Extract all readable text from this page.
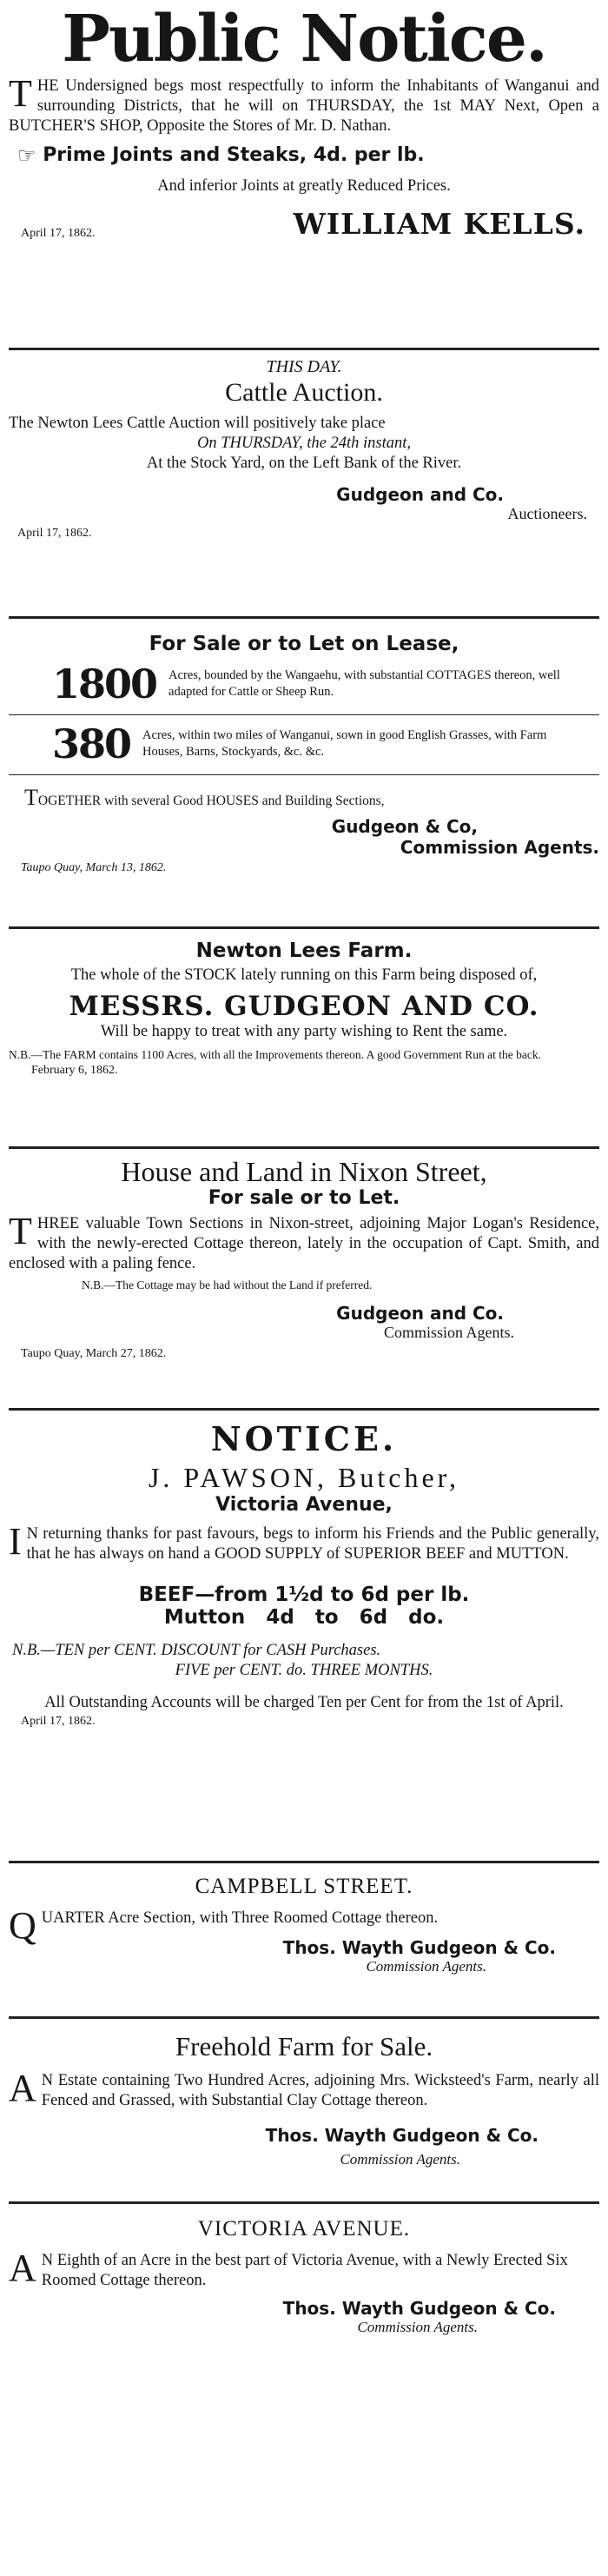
Public Notice.

THE Undersigned begs most respectfully to inform the Inhabitants of Wanganui and surrounding Districts, that he will on THURSDAY, the 1st MAY Next, Open a BUTCHER'S SHOP, Opposite the Stores of Mr. D. Nathan.

☞ Prime Joints and Steaks, 4d. per lb.

And inferior Joints at greatly Reduced Prices.

April 17, 1862.	WILLIAM KELLS.

THIS DAY.

Cattle Auction.

The Newton Lees Cattle Auction will positively take place

On THURSDAY, the 24th instant,

At the Stock Yard, on the Left Bank of the River.

Gudgeon and Co.

Auctioneers.

April 17, 1862.

For Sale or to Let on Lease,

1800 Acres, bounded by the Wangaehu, with substantial COTTAGES thereon, well adapted for Cattle or Sheep Run.
380 Acres, within two miles of Wanganui, sown in good English Grasses, with Farm Houses, Barns, Stockyards, &c. &c.

TOGETHER with several Good HOUSES and Building Sections,

Gudgeon & Co,

Commission Agents.

Taupo Quay, March 13, 1862.

Newton Lees Farm.

The whole of the STOCK lately running on this Farm being disposed of,

MESSRS. GUDGEON AND CO.

Will be happy to treat with any party wishing to Rent the same.

N.B.—The FARM contains 1100 Acres, with all the Improvements thereon. A good Government Run at the back.

February 6, 1862.

House and Land in Nixon Street,

For sale or to Let.

THREE valuable Town Sections in Nixon-street, adjoining Major Logan's Residence, with the newly-erected Cottage thereon, lately in the occupation of Capt. Smith, and enclosed with a paling fence.

N.B.—The Cottage may be had without the Land if preferred.

Gudgeon and Co.

Commission Agents.

Taupo Quay, March 27, 1862.

NOTICE.

J. PAWSON, Butcher,

Victoria Avenue,

I N returning thanks for past favours, begs to inform his Friends and the Public generally, that he has always on hand a GOOD SUPPLY of SUPERIOR BEEF and MUTTON.

BEEF—from 1½d to 6d per lb.

Mutton   4d   to   6d   do.

N.B.—TEN per CENT. DISCOUNT for CASH Purchases.

FIVE per CENT. do. THREE MONTHS.

All Outstanding Accounts will be charged Ten per Cent for from the 1st of April.

April 17, 1862.

CAMPBELL STREET.

QUARTER Acre Section, with Three Roomed Cottage thereon.

Thos. Wayth Gudgeon & Co.

Commission Agents.

Freehold Farm for Sale.

A N Estate containing Two Hundred Acres, adjoining Mrs. Wicksteed's Farm, nearly all Fenced and Grassed, with Substantial Clay Cottage thereon.

Thos. Wayth Gudgeon & Co.

Commission Agents.

VICTORIA AVENUE.

A N Eighth of an Acre in the best part of Victoria Avenue, with a Newly Erected Six Roomed Cottage thereon.

Thos. Wayth Gudgeon & Co.

Commission Agents.
